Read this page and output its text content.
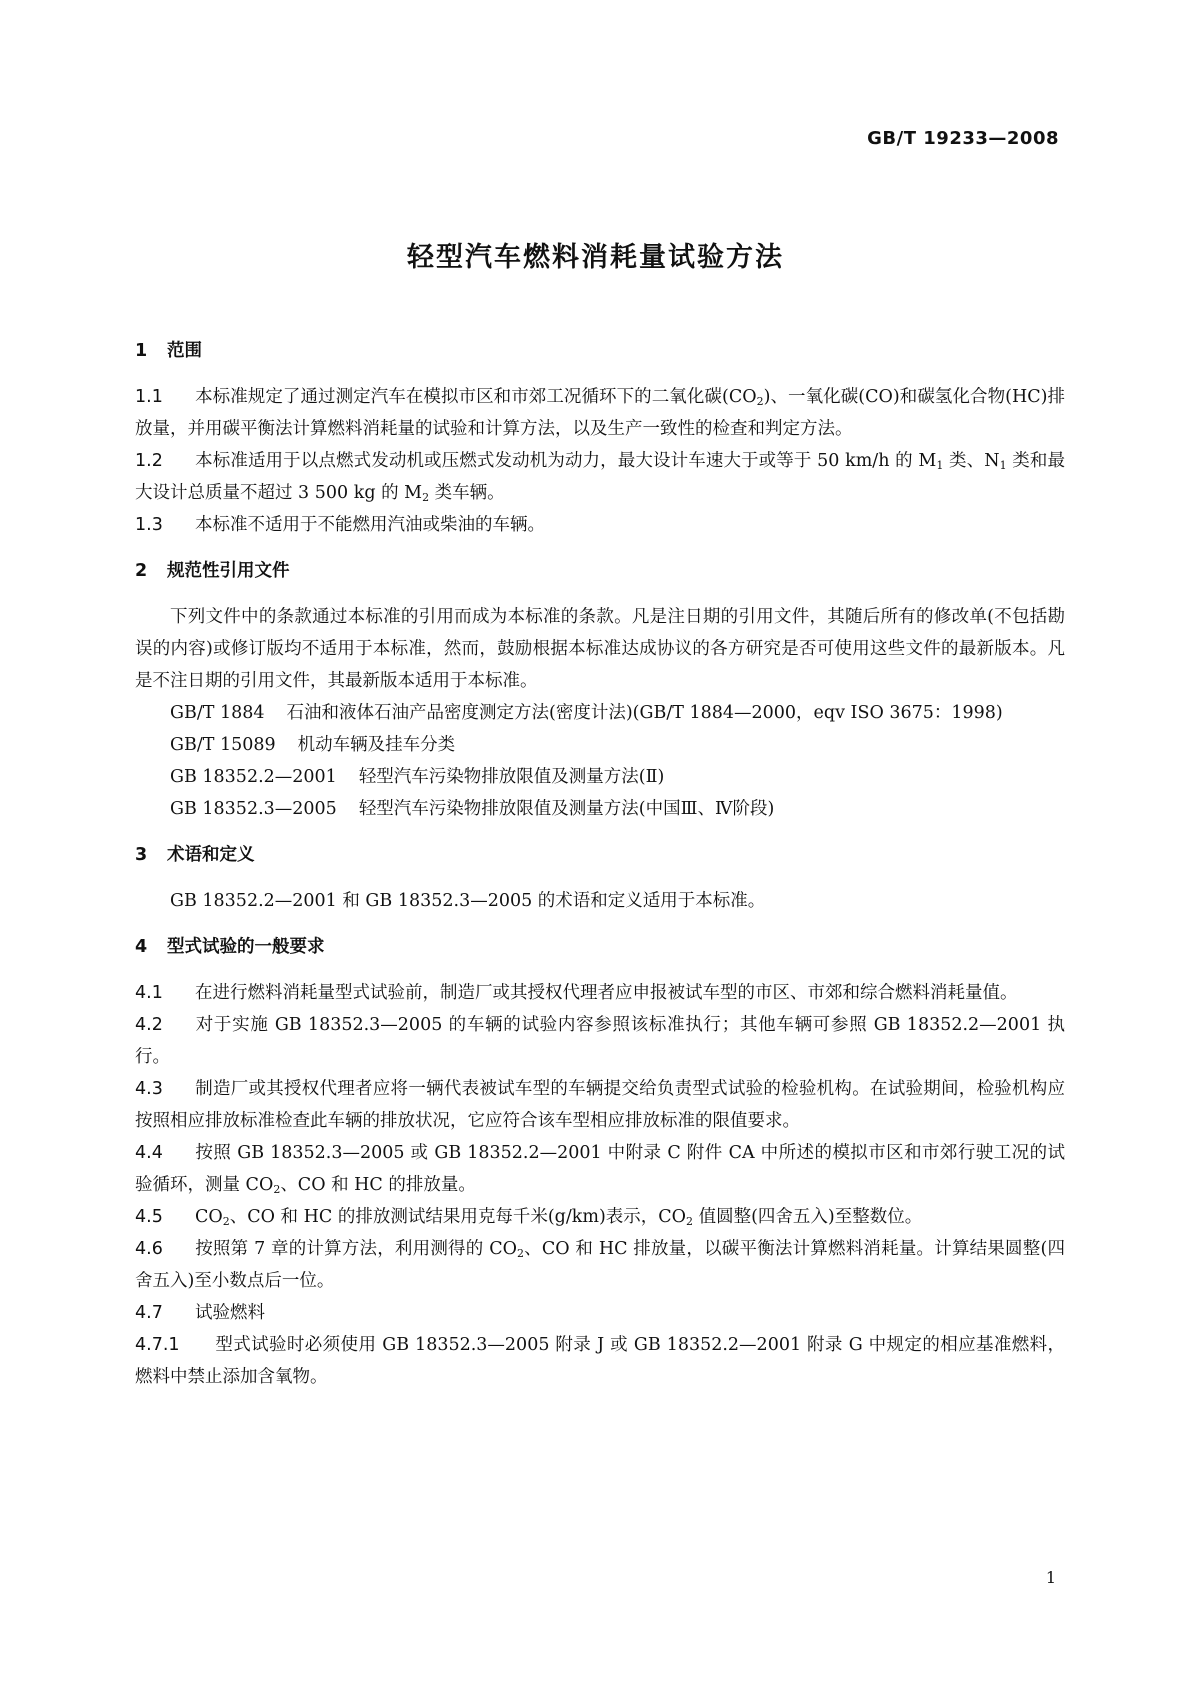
GB/T 19233—2008
轻型汽车燃料消耗量试验方法
1 范围

1.1 本标准规定了通过测定汽车在模拟市区和市郊工况循环下的二氧化碳$(CO_2)$、一氧化碳(CO)和碳氢化合物(HC)排放量，并用碳平衡法计算燃料消耗量的试验和计算方法，以及生产一致性的检查和判定方法。

1.2 本标准适用于以点燃式发动机或压燃式发动机为动力，最大设计车速大于或等于 50 km/h 的 $M_1$ 类、$N_1$ 类和最大设计总质量不超过 3 500 kg 的 $M_2$ 类车辆。

1.3 本标准不适用于不能燃用汽油或柴油的车辆。

2 规范性引用文件

下列文件中的条款通过本标准的引用而成为本标准的条款。凡是注日期的引用文件，其随后所有的修改单(不包括勘误的内容)或修订版均不适用于本标准，然而，鼓励根据本标准达成协议的各方研究是否可使用这些文件的最新版本。凡是不注日期的引用文件，其最新版本适用于本标准。

GB/T 1884 石油和液体石油产品密度测定方法(密度计法)(GB/T 1884—2000，eqv ISO 3675：1998)

GB/T 15089 机动车辆及挂车分类

GB 18352.2—2001 轻型汽车污染物排放限值及测量方法(Ⅱ)

GB 18352.3—2005 轻型汽车污染物排放限值及测量方法(中国Ⅲ、Ⅳ阶段)

3 术语和定义

GB 18352.2—2001 和 GB 18352.3—2005 的术语和定义适用于本标准。

4 型式试验的一般要求

4.1 在进行燃料消耗量型式试验前，制造厂或其授权代理者应申报被试车型的市区、市郊和综合燃料消耗量值。

4.2 对于实施 GB 18352.3—2005 的车辆的试验内容参照该标准执行；其他车辆可参照 GB 18352.2—2001 执行。

4.3 制造厂或其授权代理者应将一辆代表被试车型的车辆提交给负责型式试验的检验机构。在试验期间，检验机构应按照相应排放标准检查此车辆的排放状况，它应符合该车型相应排放标准的限值要求。

4.4 按照 GB 18352.3—2005 或 GB 18352.2—2001 中附录 C 附件 CA 中所述的模拟市区和市郊行驶工况的试验循环，测量 $CO_2$、CO 和 HC 的排放量。

4.5 $CO_2$、CO 和 HC 的排放测试结果用克每千米(g/km)表示，$CO_2$ 值圆整(四舍五入)至整数位。

4.6 按照第 7 章的计算方法，利用测得的 $CO_2$、CO 和 HC 排放量，以碳平衡法计算燃料消耗量。计算结果圆整(四舍五入)至小数点后一位。

4.7 试验燃料

4.7.1 型式试验时必须使用 GB 18352.3—2005 附录 J 或 GB 18352.2—2001 附录 G 中规定的相应基准燃料，燃料中禁止添加含氧物。

1
